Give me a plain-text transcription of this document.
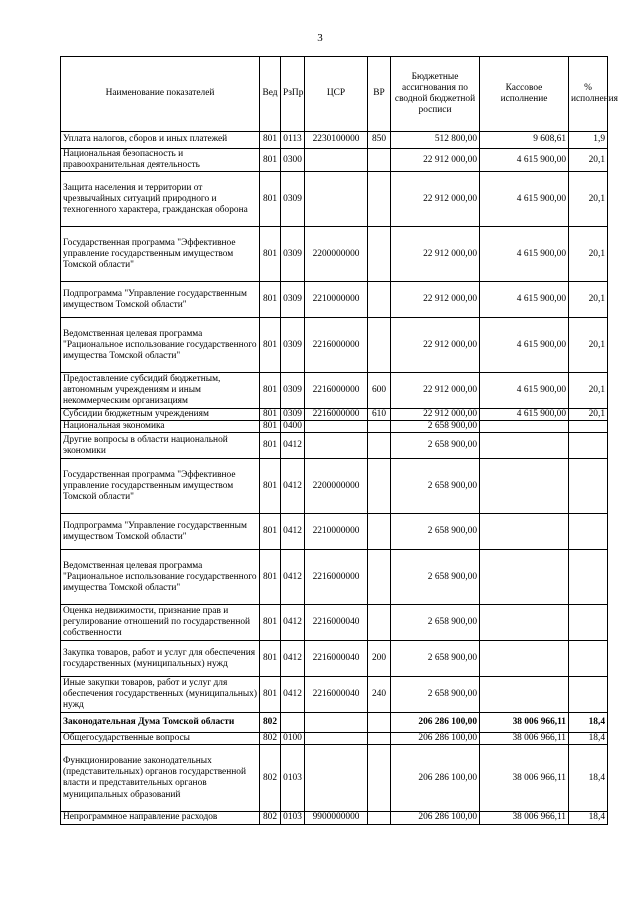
3
Наименование показателей	Вед	РзПр	ЦСР	ВР	Бюджетные ассигнования по сводной бюджетной росписи	Кассовое исполнение	% исполнения
Уплата налогов, сборов и иных платежей	801	0113	2230100000	850	512 800,00	9 608,61	1,9
Национальная безопасность и правоохранительная деятельность	801	0300			22 912 000,00	4 615 900,00	20,1
Защита населения и территории от чрезвычайных ситуаций природного и техногенного характера, гражданская оборона	801	0309			22 912 000,00	4 615 900,00	20,1
Государственная программа "Эффективное управление государственным имуществом Томской области"	801	0309	2200000000		22 912 000,00	4 615 900,00	20,1
Подпрограмма "Управление государственным имуществом Томской области"	801	0309	2210000000		22 912 000,00	4 615 900,00	20,1
Ведомственная целевая программа "Рациональное использование государственного имущества Томской области"	801	0309	2216000000		22 912 000,00	4 615 900,00	20,1
Предоставление субсидий бюджетным, автономным учреждениям и иным некоммерческим организациям	801	0309	2216000000	600	22 912 000,00	4 615 900,00	20,1
Субсидии бюджетным учреждениям	801	0309	2216000000	610	22 912 000,00	4 615 900,00	20,1
Национальная экономика	801	0400			2 658 900,00		
Другие вопросы в области национальной экономики	801	0412			2 658 900,00		
Государственная программа "Эффективное управление государственным имуществом Томской области"	801	0412	2200000000		2 658 900,00		
Подпрограмма "Управление государственным имуществом Томской области"	801	0412	2210000000		2 658 900,00		
Ведомственная целевая программа "Рациональное использование государственного имущества Томской области"	801	0412	2216000000		2 658 900,00		
Оценка недвижимости, признание прав и регулирование отношений по государственной собственности	801	0412	2216000040		2 658 900,00		
Закупка товаров, работ и услуг для обеспечения государственных (муниципальных) нужд	801	0412	2216000040	200	2 658 900,00		
Иные закупки товаров, работ и услуг для обеспечения государственных (муниципальных) нужд	801	0412	2216000040	240	2 658 900,00		
Законодательная Дума Томской области	802				206 286 100,00	38 006 966,11	18,4
Общегосударственные вопросы	802	0100			206 286 100,00	38 006 966,11	18,4
Функционирование законодательных (представительных) органов государственной власти и представительных органов муниципальных образований	802	0103			206 286 100,00	38 006 966,11	18,4
Непрограммное направление расходов	802	0103	9900000000		206 286 100,00	38 006 966,11	18,4
